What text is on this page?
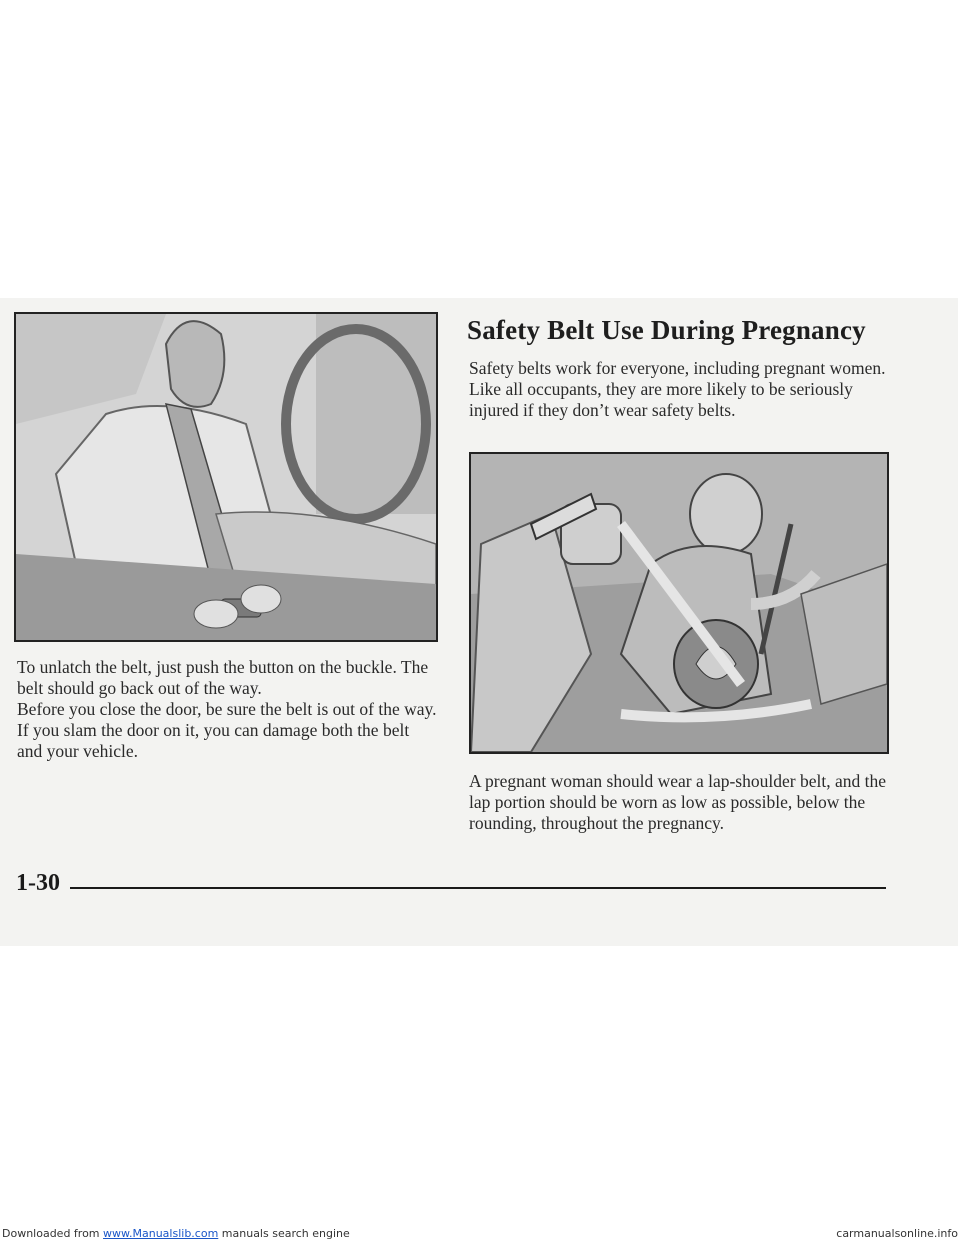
To unlatch the belt, just push the button on the buckle. The belt should go back out of the way.

Before you close the door, be sure the belt is out of the way. If you slam the door on it, you can damage both the belt and your vehicle.

Safety Belt Use During Pregnancy

Safety belts work for everyone, including pregnant women. Like all occupants, they are more likely to be seriously injured if they don’t wear safety belts.

A pregnant woman should wear a lap-shoulder belt, and the lap portion should be worn as low as possible, below the rounding, throughout the pregnancy.

1-30
Downloaded from www.Manualslib.com manuals search engine	carmanualsonline.info
